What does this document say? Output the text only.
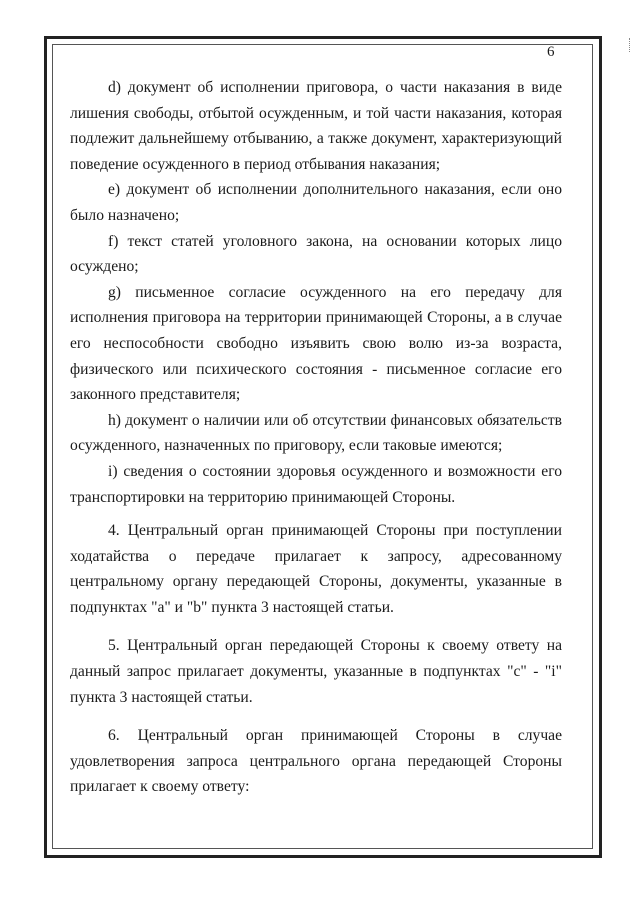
6

d) документ об исполнении приговора, о части наказания в виде лишения свободы, отбытой осужденным, и той части наказания, которая подлежит дальнейшему отбыванию, а также документ, характеризующий поведение осужденного в период отбывания наказания;

e) документ об исполнении дополнительного наказания, если оно было назначено;

f) текст статей уголовного закона, на основании которых лицо осуждено;

g) письменное согласие осужденного на его передачу для исполнения приговора на территории принимающей Стороны, а в случае его неспособности свободно изъявить свою волю из-за возраста, физического или психического состояния - письменное согласие его законного представителя;

h) документ о наличии или об отсутствии финансовых обязательств осужденного, назначенных по приговору, если таковые имеются;

i) сведения о состоянии здоровья осужденного и возможности его транспортировки на территорию принимающей Стороны.

4. Центральный орган принимающей Стороны при поступлении ходатайства о передаче прилагает к запросу, адресованному центральному органу передающей Стороны, документы, указанные в подпунктах "a" и "b" пункта 3 настоящей статьи.

5. Центральный орган передающей Стороны к своему ответу на данный запрос прилагает документы, указанные в подпунктах "c" - "i" пункта 3 настоящей статьи.

6. Центральный орган принимающей Стороны в случае удовлетворения запроса центрального органа передающей Стороны прилагает к своему ответу:
